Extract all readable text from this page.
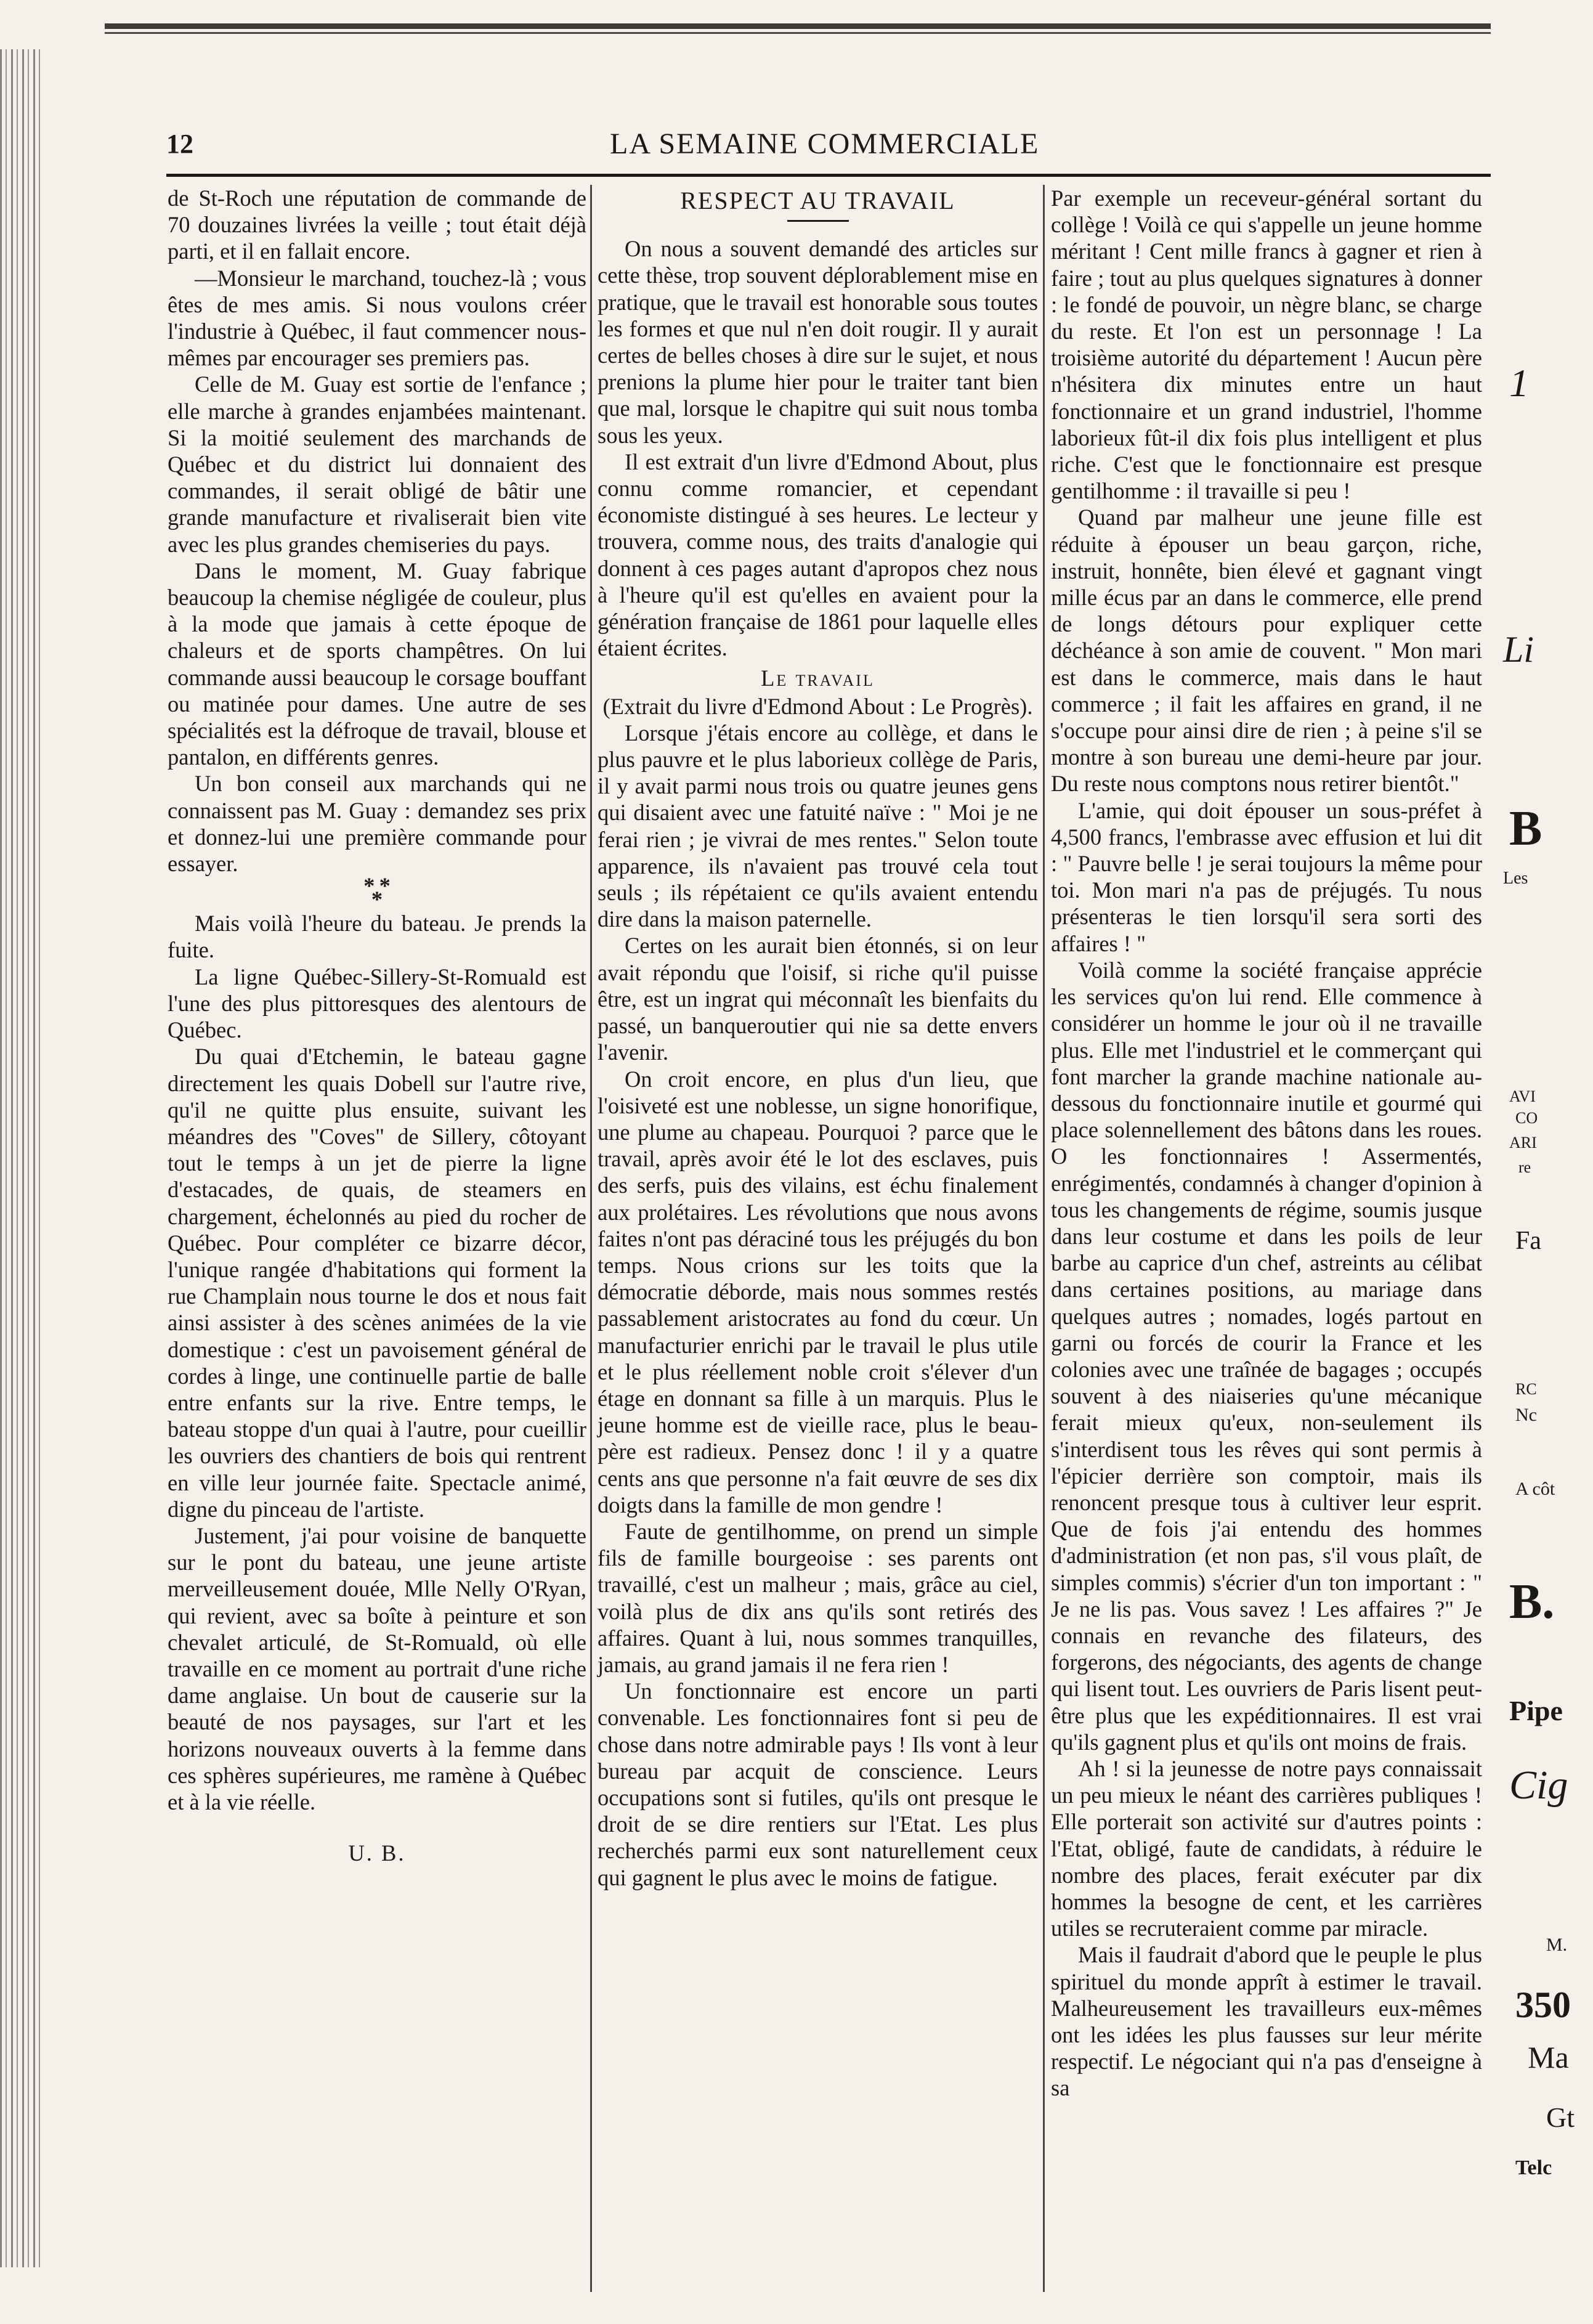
12	LA SEMAINE COMMERCIALE

de St-Roch une réputation de commande de 70 douzaines livrées la veille ; tout était déjà parti, et il en fallait encore.

—Monsieur le marchand, touchez-là ; vous êtes de mes amis. Si nous voulons créer l'industrie à Québec, il faut commencer nous-mêmes par encourager ses premiers pas.

Celle de M. Guay est sortie de l'enfance ; elle marche à grandes enjambées maintenant. Si la moitié seulement des marchands de Québec et du district lui donnaient des commandes, il serait obligé de bâtir une grande manufacture et rivaliserait bien vite avec les plus grandes chemiseries du pays.

Dans le moment, M. Guay fabrique beaucoup la chemise négligée de couleur, plus à la mode que jamais à cette époque de chaleurs et de sports champêtres. On lui commande aussi beaucoup le corsage bouffant ou matinée pour dames. Une autre de ses spécialités est la défroque de travail, blouse et pantalon, en différents genres.

Un bon conseil aux marchands qui ne connaissent pas M. Guay : demandez ses prix et donnez-lui une première commande pour essayer.

* *
*

Mais voilà l'heure du bateau. Je prends la fuite.

La ligne Québec-Sillery-St-Romuald est l'une des plus pittoresques des alentours de Québec.

Du quai d'Etchemin, le bateau gagne directement les quais Dobell sur l'autre rive, qu'il ne quitte plus ensuite, suivant les méandres des "Coves" de Sillery, côtoyant tout le temps à un jet de pierre la ligne d'estacades, de quais, de steamers en chargement, échelonnés au pied du rocher de Québec. Pour compléter ce bizarre décor, l'unique rangée d'habitations qui forment la rue Champlain nous tourne le dos et nous fait ainsi assister à des scènes animées de la vie domestique : c'est un pavoisement général de cordes à linge, une continuelle partie de balle entre enfants sur la rive. Entre temps, le bateau stoppe d'un quai à l'autre, pour cueillir les ouvriers des chantiers de bois qui rentrent en ville leur journée faite. Spectacle animé, digne du pinceau de l'artiste.

Justement, j'ai pour voisine de banquette sur le pont du bateau, une jeune artiste merveilleusement douée, Mlle Nelly O'Ryan, qui revient, avec sa boîte à peinture et son chevalet articulé, de St-Romuald, où elle travaille en ce moment au portrait d'une riche dame anglaise. Un bout de causerie sur la beauté de nos paysages, sur l'art et les horizons nouveaux ouverts à la femme dans ces sphères supérieures, me ramène à Québec et à la vie réelle.

U. B.
RESPECT AU TRAVAIL

On nous a souvent demandé des articles sur cette thèse, trop souvent déplorablement mise en pratique, que le travail est honorable sous toutes les formes et que nul n'en doit rougir. Il y aurait certes de belles choses à dire sur le sujet, et nous prenions la plume hier pour le traiter tant bien que mal, lorsque le chapitre qui suit nous tomba sous les yeux.

Il est extrait d'un livre d'Edmond About, plus connu comme romancier, et cependant économiste distingué à ses heures. Le lecteur y trouvera, comme nous, des traits d'analogie qui donnent à ces pages autant d'apropos chez nous à l'heure qu'il est qu'elles en avaient pour la génération française de 1861 pour laquelle elles étaient écrites.

Le travail

(Extrait du livre d'Edmond About : Le Progrès).

Lorsque j'étais encore au collège, et dans le plus pauvre et le plus laborieux collège de Paris, il y avait parmi nous trois ou quatre jeunes gens qui disaient avec une fatuité naïve : " Moi je ne ferai rien ; je vivrai de mes rentes." Selon toute apparence, ils n'avaient pas trouvé cela tout seuls ; ils répétaient ce qu'ils avaient entendu dire dans la maison paternelle.

Certes on les aurait bien étonnés, si on leur avait répondu que l'oisif, si riche qu'il puisse être, est un ingrat qui méconnaît les bienfaits du passé, un banqueroutier qui nie sa dette envers l'avenir.

On croit encore, en plus d'un lieu, que l'oisiveté est une noblesse, un signe honorifique, une plume au chapeau. Pourquoi ? parce que le travail, après avoir été le lot des esclaves, puis des serfs, puis des vilains, est échu finalement aux prolétaires. Les révolutions que nous avons faites n'ont pas déraciné tous les préjugés du bon temps. Nous crions sur les toits que la démocratie déborde, mais nous sommes restés passablement aristocrates au fond du cœur. Un manufacturier enrichi par le travail le plus utile et le plus réellement noble croit s'élever d'un étage en donnant sa fille à un marquis. Plus le jeune homme est de vieille race, plus le beau-père est radieux. Pensez donc ! il y a quatre cents ans que personne n'a fait œuvre de ses dix doigts dans la famille de mon gendre !

Faute de gentilhomme, on prend un simple fils de famille bourgeoise : ses parents ont travaillé, c'est un malheur ; mais, grâce au ciel, voilà plus de dix ans qu'ils sont retirés des affaires. Quant à lui, nous sommes tranquilles, jamais, au grand jamais il ne fera rien !

Un fonctionnaire est encore un parti convenable. Les fonctionnaires font si peu de chose dans notre admirable pays ! Ils vont à leur bureau par acquit de conscience. Leurs occupations sont si futiles, qu'ils ont presque le droit de se dire rentiers sur l'Etat. Les plus recherchés parmi eux sont naturellement ceux qui gagnent le plus avec le moins de fatigue.

Par exemple un receveur-général sortant du collège ! Voilà ce qui s'appelle un jeune homme méritant ! Cent mille francs à gagner et rien à faire ; tout au plus quelques signatures à donner : le fondé de pouvoir, un nègre blanc, se charge du reste. Et l'on est un personnage ! La troisième autorité du département ! Aucun père n'hésitera dix minutes entre un haut fonctionnaire et un grand industriel, l'homme laborieux fût-il dix fois plus intelligent et plus riche. C'est que le fonctionnaire est presque gentilhomme : il travaille si peu !

Quand par malheur une jeune fille est réduite à épouser un beau garçon, riche, instruit, honnête, bien élevé et gagnant vingt mille écus par an dans le commerce, elle prend de longs détours pour expliquer cette déchéance à son amie de couvent. " Mon mari est dans le commerce, mais dans le haut commerce ; il fait les affaires en grand, il ne s'occupe pour ainsi dire de rien ; à peine s'il se montre à son bureau une demi-heure par jour. Du reste nous comptons nous retirer bientôt."

L'amie, qui doit épouser un sous-préfet à 4,500 francs, l'embrasse avec effusion et lui dit : " Pauvre belle ! je serai toujours la même pour toi. Mon mari n'a pas de préjugés. Tu nous présenteras le tien lorsqu'il sera sorti des affaires ! "

Voilà comme la société française apprécie les services qu'on lui rend. Elle commence à considérer un homme le jour où il ne travaille plus. Elle met l'industriel et le commerçant qui font marcher la grande machine nationale au-dessous du fonctionnaire inutile et gourmé qui place solennellement des bâtons dans les roues. O les fonctionnaires ! Assermentés, enrégimentés, condamnés à changer d'opinion à tous les changements de régime, soumis jusque dans leur costume et dans les poils de leur barbe au caprice d'un chef, astreints au célibat dans certaines positions, au mariage dans quelques autres ; nomades, logés partout en garni ou forcés de courir la France et les colonies avec une traînée de bagages ; occupés souvent à des niaiseries qu'une mécanique ferait mieux qu'eux, non-seulement ils s'interdisent tous les rêves qui sont permis à l'épicier derrière son comptoir, mais ils renoncent presque tous à cultiver leur esprit. Que de fois j'ai entendu des hommes d'administration (et non pas, s'il vous plaît, de simples commis) s'écrier d'un ton important : " Je ne lis pas. Vous savez ! Les affaires ?" Je connais en revanche des filateurs, des forgerons, des négociants, des agents de change qui lisent tout. Les ouvriers de Paris lisent peut-être plus que les expéditionnaires. Il est vrai qu'ils gagnent plus et qu'ils ont moins de frais.

Ah ! si la jeunesse de notre pays connaissait un peu mieux le néant des carrières publiques ! Elle porterait son activité sur d'autres points : l'Etat, obligé, faute de candidats, à réduire le nombre des places, ferait exécuter par dix hommes la besogne de cent, et les carrières utiles se recruteraient comme par miracle.

Mais il faudrait d'abord que le peuple le plus spirituel du monde apprît à estimer le travail. Malheureusement les travailleurs eux-mêmes ont les idées les plus fausses sur leur mérite respectif. Le négociant qui n'a pas d'enseigne à sa

1
Li
B
Les
AVI
CO
ARI
re
Fa
RC
Nc
A côt
B.
Pipe
Cig
M.
350
Ma
Gt
Telc
